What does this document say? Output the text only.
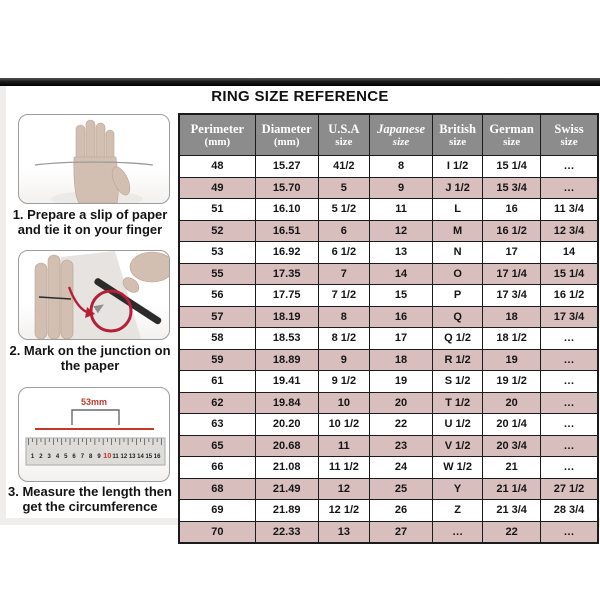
RING SIZE REFERENCE
1. Prepare a slip of paper
and tie it on your finger
2. Mark on the junction on
the paper
53mm
1 2 3 4 5 6 7 8 9 10 11 12 13 14 15 16
3. Measure the length then
get the circumference
Perimeter
(mm)

Diameter
(mm)

U.S.A
size

Japanese
size

British
size

German
size

Swiss
size

48	15.27	41/2	8	I 1/2	15 1/4	…
49	15.70	5	9	J 1/2	15 3/4	…
51	16.10	5 1/2	11	L	16	11 3/4
52	16.51	6	12	M	16 1/2	12 3/4
53	16.92	6 1/2	13	N	17	14
55	17.35	7	14	O	17 1/4	15 1/4
56	17.75	7 1/2	15	P	17 3/4	16 1/2
57	18.19	8	16	Q	18	17 3/4
58	18.53	8 1/2	17	Q 1/2	18 1/2	…
59	18.89	9	18	R 1/2	19	…
61	19.41	9 1/2	19	S 1/2	19 1/2	…
62	19.84	10	20	T 1/2	20	…
63	20.20	10 1/2	22	U 1/2	20 1/4	…
65	20.68	11	23	V 1/2	20 3/4	…
66	21.08	11 1/2	24	W 1/2	21	…
68	21.49	12	25	Y	21 1/4	27 1/2
69	21.89	12 1/2	26	Z	21 3/4	28 3/4
70	22.33	13	27	…	22	…
